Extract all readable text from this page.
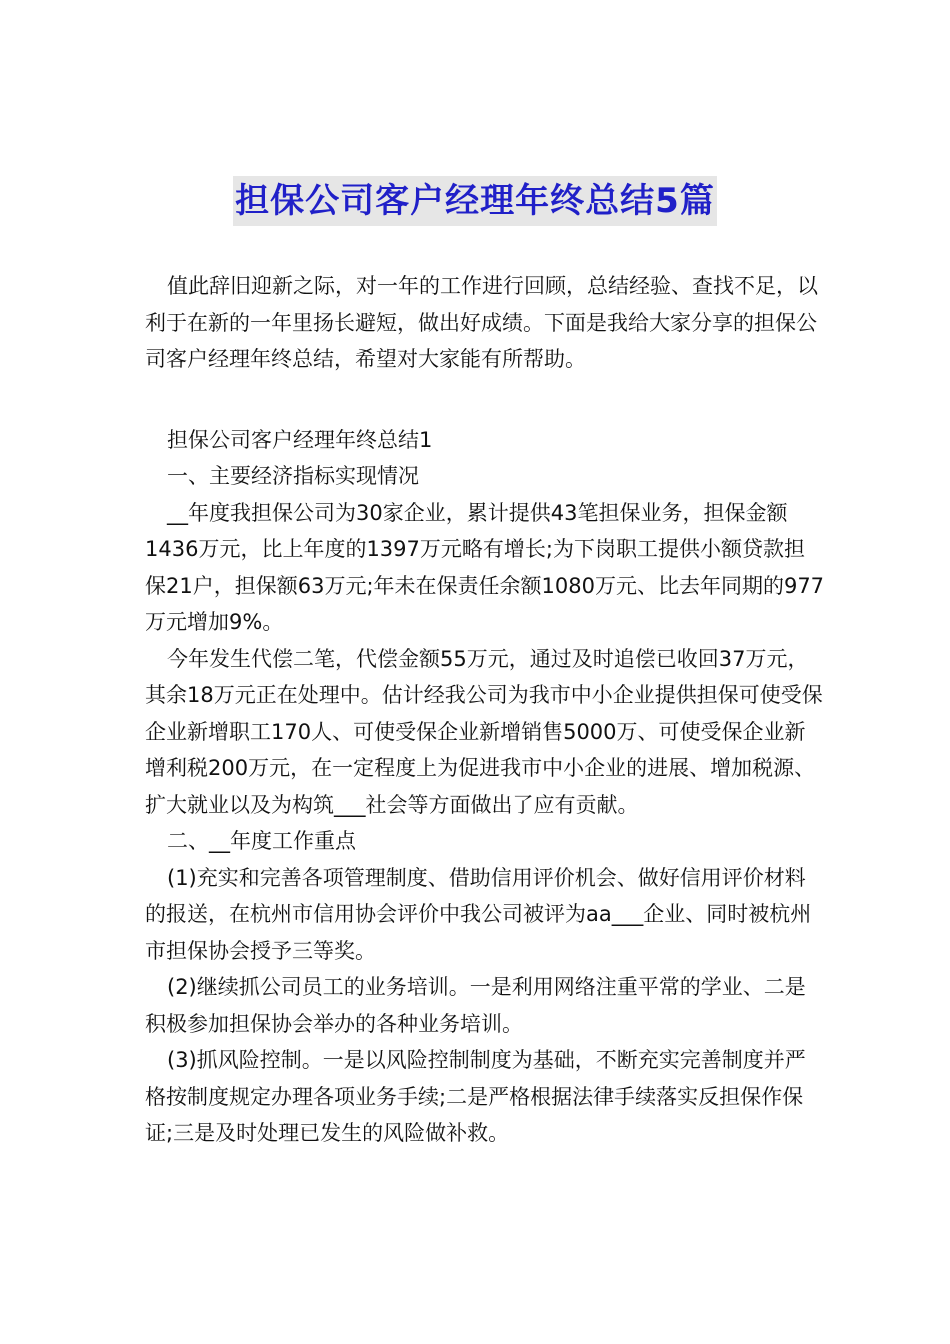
担保公司客户经理年终总结5篇

值此辞旧迎新之际，对一年的工作进行回顾，总结经验、查找不足，以利于在新的一年里扬长避短，做出好成绩。下面是我给大家分享的担保公司客户经理年终总结，希望对大家能有所帮助。

担保公司客户经理年终总结1

一、主要经济指标实现情况

__年度我担保公司为30家企业，累计提供43笔担保业务，担保金额1436万元，比上年度的1397万元略有增长;为下岗职工提供小额贷款担保21户，担保额63万元;年未在保责任余额1080万元、比去年同期的977万元增加9%。

今年发生代偿二笔，代偿金额55万元，通过及时追偿已收回37万元，其余18万元正在处理中。估计经我公司为我市中小企业提供担保可使受保企业新增职工170人、可使受保企业新增销售5000万、可使受保企业新增利税200万元，在一定程度上为促进我市中小企业的进展、增加税源、扩大就业以及为构筑___社会等方面做出了应有贡献。

二、__年度工作重点

(1)充实和完善各项管理制度、借助信用评价机会、做好信用评价材料的报送，在杭州市信用协会评价中我公司被评为aa___企业、同时被杭州市担保协会授予三等奖。

(2)继续抓公司员工的业务培训。一是利用网络注重平常的学业、二是积极参加担保协会举办的各种业务培训。

(3)抓风险控制。一是以风险控制制度为基础，不断充实完善制度并严格按制度规定办理各项业务手续;二是严格根据法律手续落实反担保作保证;三是及时处理已发生的风险做补救。
